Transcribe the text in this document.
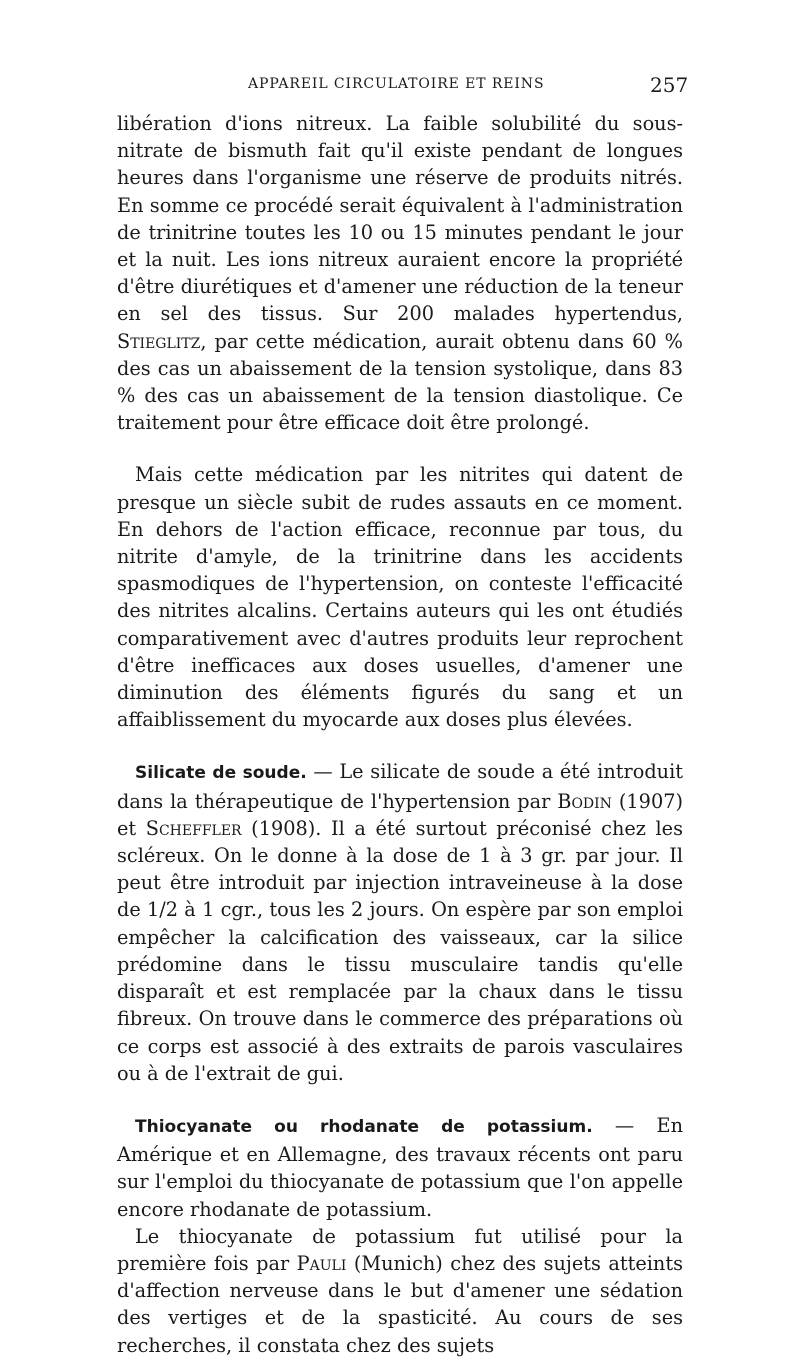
APPAREIL CIRCULATOIRE ET REINS	257

libération d'ions nitreux. La faible solubilité du sous-nitrate de bismuth fait qu'il existe pendant de longues heures dans l'organisme une réserve de produits nitrés. En somme ce procédé serait équivalent à l'administration de trinitrine toutes les 10 ou 15 minutes pendant le jour et la nuit. Les ions nitreux auraient encore la propriété d'être diurétiques et d'amener une réduction de la teneur en sel des tissus. Sur 200 malades hypertendus, Stieglitz, par cette médication, aurait obtenu dans 60 % des cas un abaissement de la tension systolique, dans 83 % des cas un abaissement de la tension diastolique. Ce traitement pour être efficace doit être prolongé.

Mais cette médication par les nitrites qui datent de presque un siècle subit de rudes assauts en ce moment. En dehors de l'action efficace, reconnue par tous, du nitrite d'amyle, de la trinitrine dans les accidents spasmodiques de l'hypertension, on conteste l'efficacité des nitrites alcalins. Certains auteurs qui les ont étudiés comparativement avec d'autres produits leur reprochent d'être inefficaces aux doses usuelles, d'amener une diminution des éléments figurés du sang et un affaiblissement du myocarde aux doses plus élevées.

Silicate de soude. — Le silicate de soude a été introduit dans la thérapeutique de l'hypertension par Bodin (1907) et Scheffler (1908). Il a été surtout préconisé chez les scléreux. On le donne à la dose de 1 à 3 gr. par jour. Il peut être introduit par injection intraveineuse à la dose de 1/2 à 1 cgr., tous les 2 jours. On espère par son emploi empêcher la calcification des vaisseaux, car la silice prédomine dans le tissu musculaire tandis qu'elle disparaît et est remplacée par la chaux dans le tissu fibreux. On trouve dans le commerce des préparations où ce corps est associé à des extraits de parois vasculaires ou à de l'extrait de gui.

Thiocyanate ou rhodanate de potassium. — En Amérique et en Allemagne, des travaux récents ont paru sur l'emploi du thiocyanate de potassium que l'on appelle encore rhodanate de potassium.

Le thiocyanate de potassium fut utilisé pour la première fois par Pauli (Munich) chez des sujets atteints d'affection nerveuse dans le but d'amener une sédation des vertiges et de la spasticité. Au cours de ses recherches, il constata chez des sujets
